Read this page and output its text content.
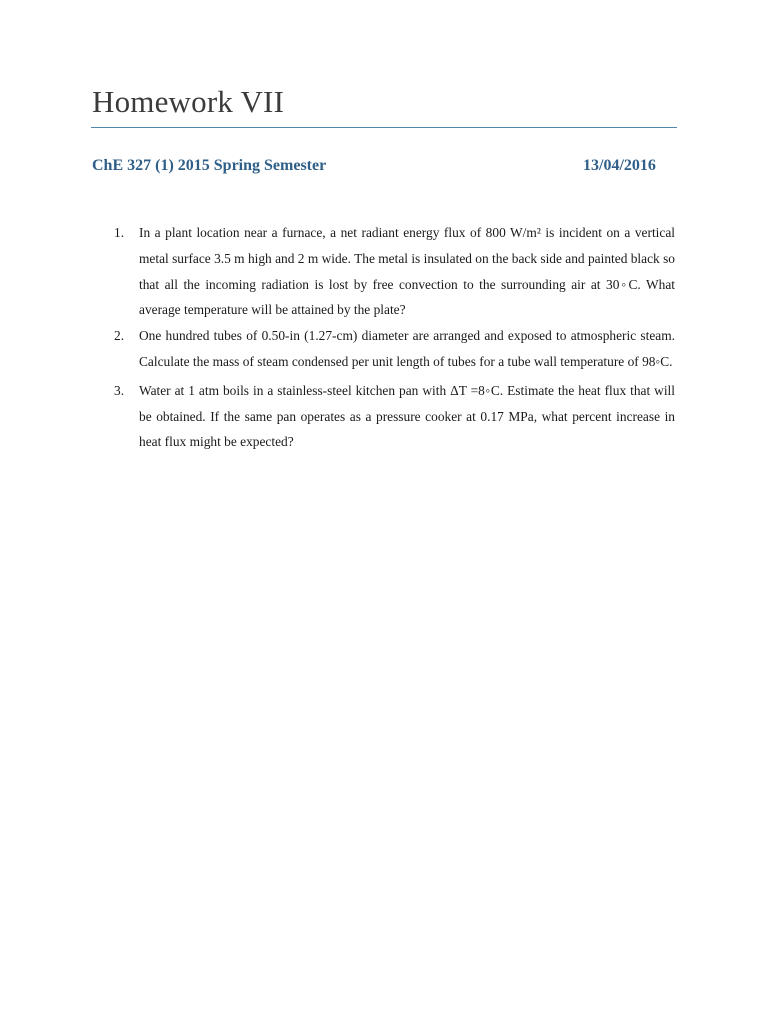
Homework VII
ChE 327 (1) 2015 Spring Semester	13/04/2016
1. In a plant location near a furnace, a net radiant energy flux of 800 W/m² is incident on a vertical metal surface 3.5 m high and 2 m wide. The metal is insulated on the back side and painted black so that all the incoming radiation is lost by free convection to the surrounding air at 30◦C. What average temperature will be attained by the plate?
2. One hundred tubes of 0.50-in (1.27-cm) diameter are arranged and exposed to atmospheric steam. Calculate the mass of steam condensed per unit length of tubes for a tube wall temperature of 98◦C.
3. Water at 1 atm boils in a stainless-steel kitchen pan with ΔT =8◦C. Estimate the heat flux that will be obtained. If the same pan operates as a pressure cooker at 0.17 MPa, what percent increase in heat flux might be expected?
